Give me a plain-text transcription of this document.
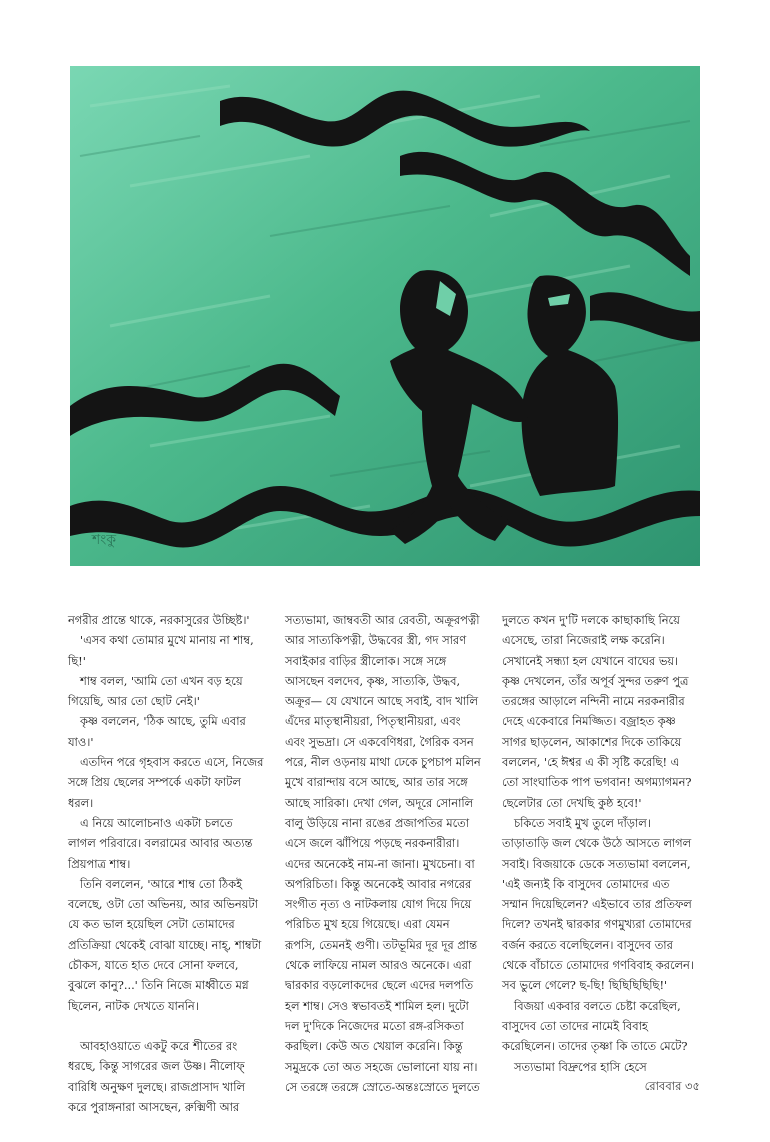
শংকু

নগরীর প্রান্তে থাকে, নরকাসুরের উচ্ছিষ্ট।'

'এসব কথা তোমার মুখে মানায় না শাম্ব, ছি!'

শাম্ব বলল, 'আমি তো এখন বড় হয়ে গিয়েছি, আর তো ছোট নেই।'

কৃষ্ণ বললেন, 'ঠিক আছে, তুমি এবার যাও।'

এতদিন পরে গৃহবাস করতে এসে, নিজের সঙ্গে প্রিয় ছেলের সম্পর্কে একটা ফাটল ধরল।

এ নিয়ে আলোচনাও একটা চলতে লাগল পরিবারে। বলরামের আবার অত্যন্ত প্রিয়পাত্র শাম্ব।

তিনি বললেন, 'আরে শাম্ব তো ঠিকই বলেছে, ওটা তো অভিনয়, আর অভিনয়টা যে কত ভাল হয়েছিল সেটা তোমাদের প্রতিক্রিয়া থেকেই বোঝা যাচ্ছে। নাহ্, শাম্বটা চৌকস, যাতে হাত দেবে সোনা ফলবে, বুঝলে কানু?...' তিনি নিজে মাধ্বীতে মগ্ন ছিলেন, নাটক দেখতে যাননি।

আবহাওয়াতে একটু করে শীতের রং ধরছে, কিন্তু সাগরের জল উষ্ণ। নীলোফ্ বারিধি অনুক্ষণ দুলছে। রাজপ্রাসাদ খালি করে পুরাঙ্গনারা আসছেন, রুক্মিণী আর

সত্যভামা, জাম্ববতী আর রেবতী, অক্রূরপত্নী আর সাত্যকিপত্নী, উদ্ধবের স্ত্রী, গদ সারণ সবাইকার বাড়ির স্ত্রীলোক। সঙ্গে সঙ্গে আসছেন বলদেব, কৃষ্ণ, সাত্যকি, উদ্ধব, অক্রূর— যে যেখানে আছে সবাই, বাদ খালি এঁদের মাতৃস্থানীয়রা, পিতৃস্থানীয়রা, এবং এবং সুভদ্রা। সে একবেণিধরা, গৈরিক বসন পরে, নীল ওড়নায় মাথা ঢেকে চুপচাপ মলিন মুখে বারান্দায় বসে আছে, আর তার সঙ্গে আছে সারিকা। দেখা গেল, অদূরে সোনালি বালু উড়িয়ে নানা রঙের প্রজাপতির মতো এসে জলে ঝাঁপিয়ে পড়ছে নরকনারীরা। এদের অনেকেই নাম-না জানা। মুখচেনা। বা অপরিচিতা। কিন্তু অনেকেই আবার নগরের সংগীত নৃত্য ও নাটকলায় যোগ দিয়ে দিয়ে পরিচিত মুখ হয়ে গিয়েছে। এরা যেমন রূপসি, তেমনই গুণী। তটভূমির দূর দূর প্রান্ত থেকে লাফিয়ে নামল আরও অনেকে। এরা দ্বারকার বড়লোকদের ছেলে এদের দলপতি হল শাম্ব। সেও স্বভাবতই শামিল হল। দুটো দল দু'দিকে নিজেদের মতো রঙ্গ-রসিকতা করছিল। কেউ অত খেয়াল করেনি। কিন্তু সমুদ্রকে তো অত সহজে ভোলানো যায় না। সে তরঙ্গে তরঙ্গে স্রোতে-অন্তঃস্রোতে দুলতে

দুলতে কখন দু'টি দলকে কাছাকাছি নিয়ে এসেছে, তারা নিজেরাই লক্ষ করেনি। সেখানেই সন্ধ্যা হল যেখানে বাঘের ভয়। কৃষ্ণ দেখলেন, তাঁর অপূর্ব সুন্দর তরুণ পুত্র তরঙ্গের আড়ালে নন্দিনী নামে নরকনারীর দেহে একেবারে নিমজ্জিত। বজ্রাহত কৃষ্ণ সাগর ছাড়লেন, আকাশের দিকে তাকিয়ে বললেন, 'হে ঈশ্বর এ কী সৃষ্টি করেছি! এ তো সাংঘাতিক পাপ ভগবান! অগম্যাগমন? ছেলেটার তো দেখছি কুষ্ঠ হবে!'

চকিতে সবাই মুখ তুলে দাঁড়াল। তাড়াতাড়ি জল থেকে উঠে আসতে লাগল সবাই। বিজয়াকে ডেকে সত্যভামা বললেন, 'এই জন্যই কি বাসুদেব তোমাদের এত সম্মান দিয়েছিলেন? এইভাবে তার প্রতিফল দিলে? তখনই দ্বারকার গণমুখ্যরা তোমাদের বর্জন করতে বলেছিলেন। বাসুদেব তার থেকে বাঁচাতে তোমাদের গণবিবাহ করলেন। সব ভুলে গেলে? ছ-ছি! ছিছিছিছিছি!'

বিজয়া একবার বলতে চেষ্টা করেছিল, বাসুদেব তো তাদের নামেই বিবাহ করেছিলেন। তাদের তৃষ্ণা কি তাতে মেটে?

সত্যভামা বিদ্রুপের হাসি হেসে

রোববার ৩৫
